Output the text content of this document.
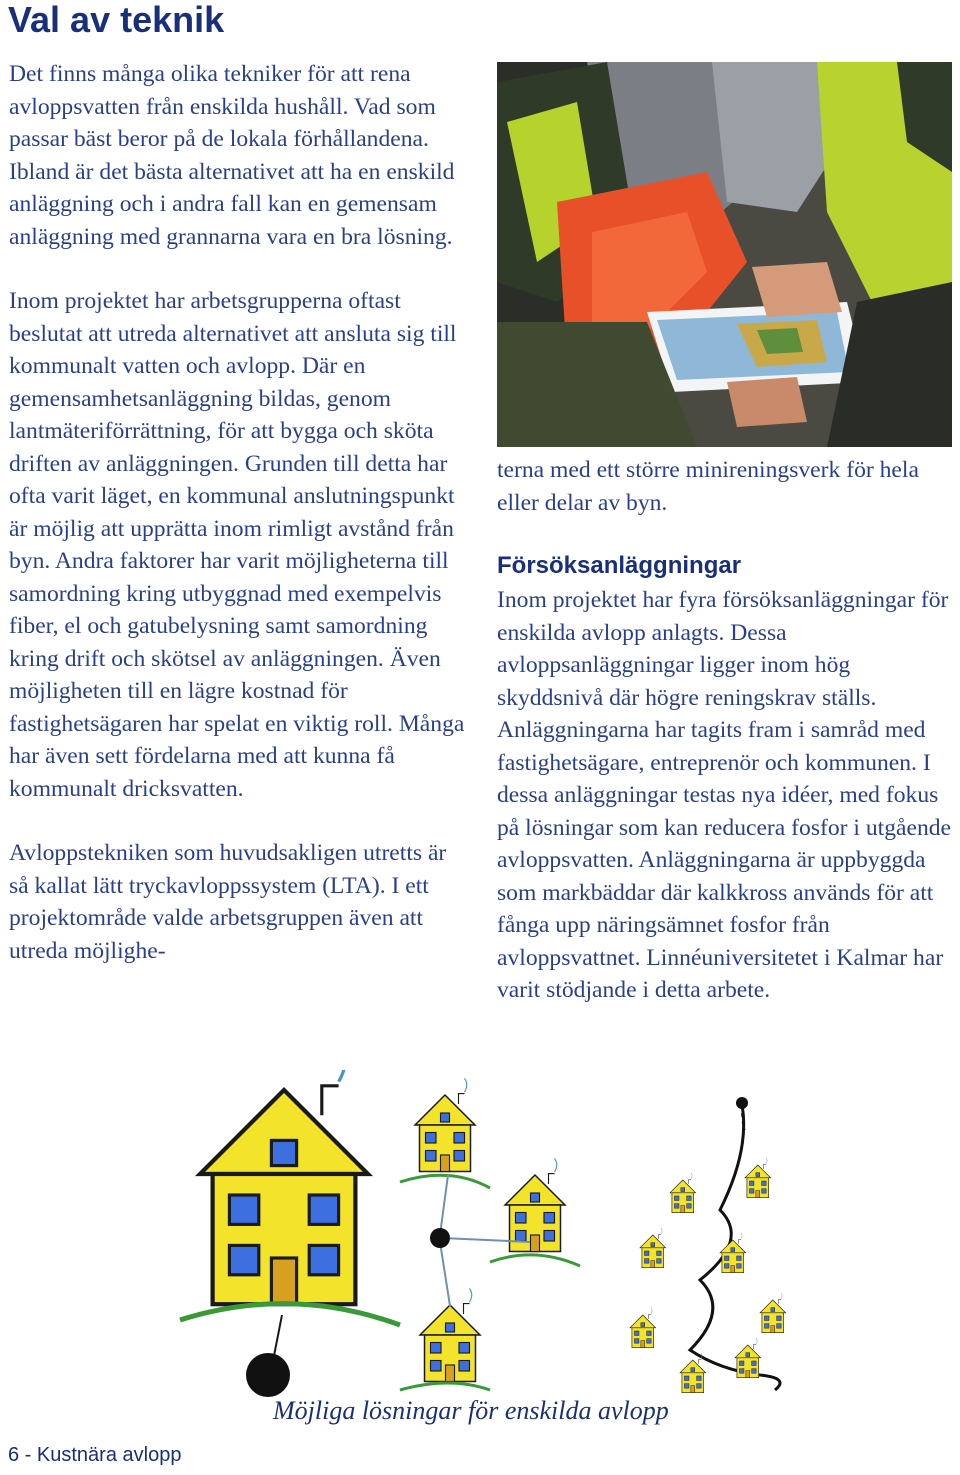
Val av teknik

Det finns många olika tekniker för att rena avloppsvatten från enskilda hushåll. Vad som passar bäst beror på de lokala förhållandena. Ibland är det bästa alternativet att ha en enskild anläggning och i andra fall kan en gemensam anläggning med grannarna vara en bra lösning.

Inom projektet har arbetsgrupperna oftast beslutat att utreda alternativet att ansluta sig till kommunalt vatten och avlopp. Där en gemensamhetsanläggning bildas, genom lantmäteriförrättning, för att bygga och sköta driften av anläggningen. Grunden till detta har ofta varit läget, en kommunal anslutningspunkt är möjlig att upprätta inom rimligt avstånd från byn. Andra faktorer har varit möjligheterna till samordning kring utbyggnad med exempelvis fiber, el och gatubelysning samt samordning kring drift och skötsel av anläggningen. Även möjligheten till en lägre kostnad för fastighetsägaren har spelat en viktig roll. Många har även sett fördelarna med att kunna få kommunalt dricksvatten.

Avloppstekniken som huvudsakligen utretts är så kallat lätt tryckavloppssystem (LTA). I ett projektområde valde arbetsgruppen även att utreda möjlighe-

terna med ett större minireningsverk för hela eller delar av byn.

Försöksanläggningar

Inom projektet har fyra försöksanläggningar för enskilda avlopp anlagts. Dessa avloppsanläggningar ligger inom hög skyddsnivå där högre reningskrav ställs. Anläggningarna har tagits fram i samråd med fastighetsägare, entreprenör och kommunen. I dessa anläggningar testas nya idéer, med fokus på lösningar som kan reducera fosfor i utgående avloppsvatten. Anläggningarna är uppbyggda som markbäddar där kalkkross används för att fånga upp näringsämnet fosfor från avloppsvattnet. Linnéuniversitetet i Kalmar har varit stödjande i detta arbete.

Möjliga lösningar för enskilda avlopp
6 - Kustnära avlopp
